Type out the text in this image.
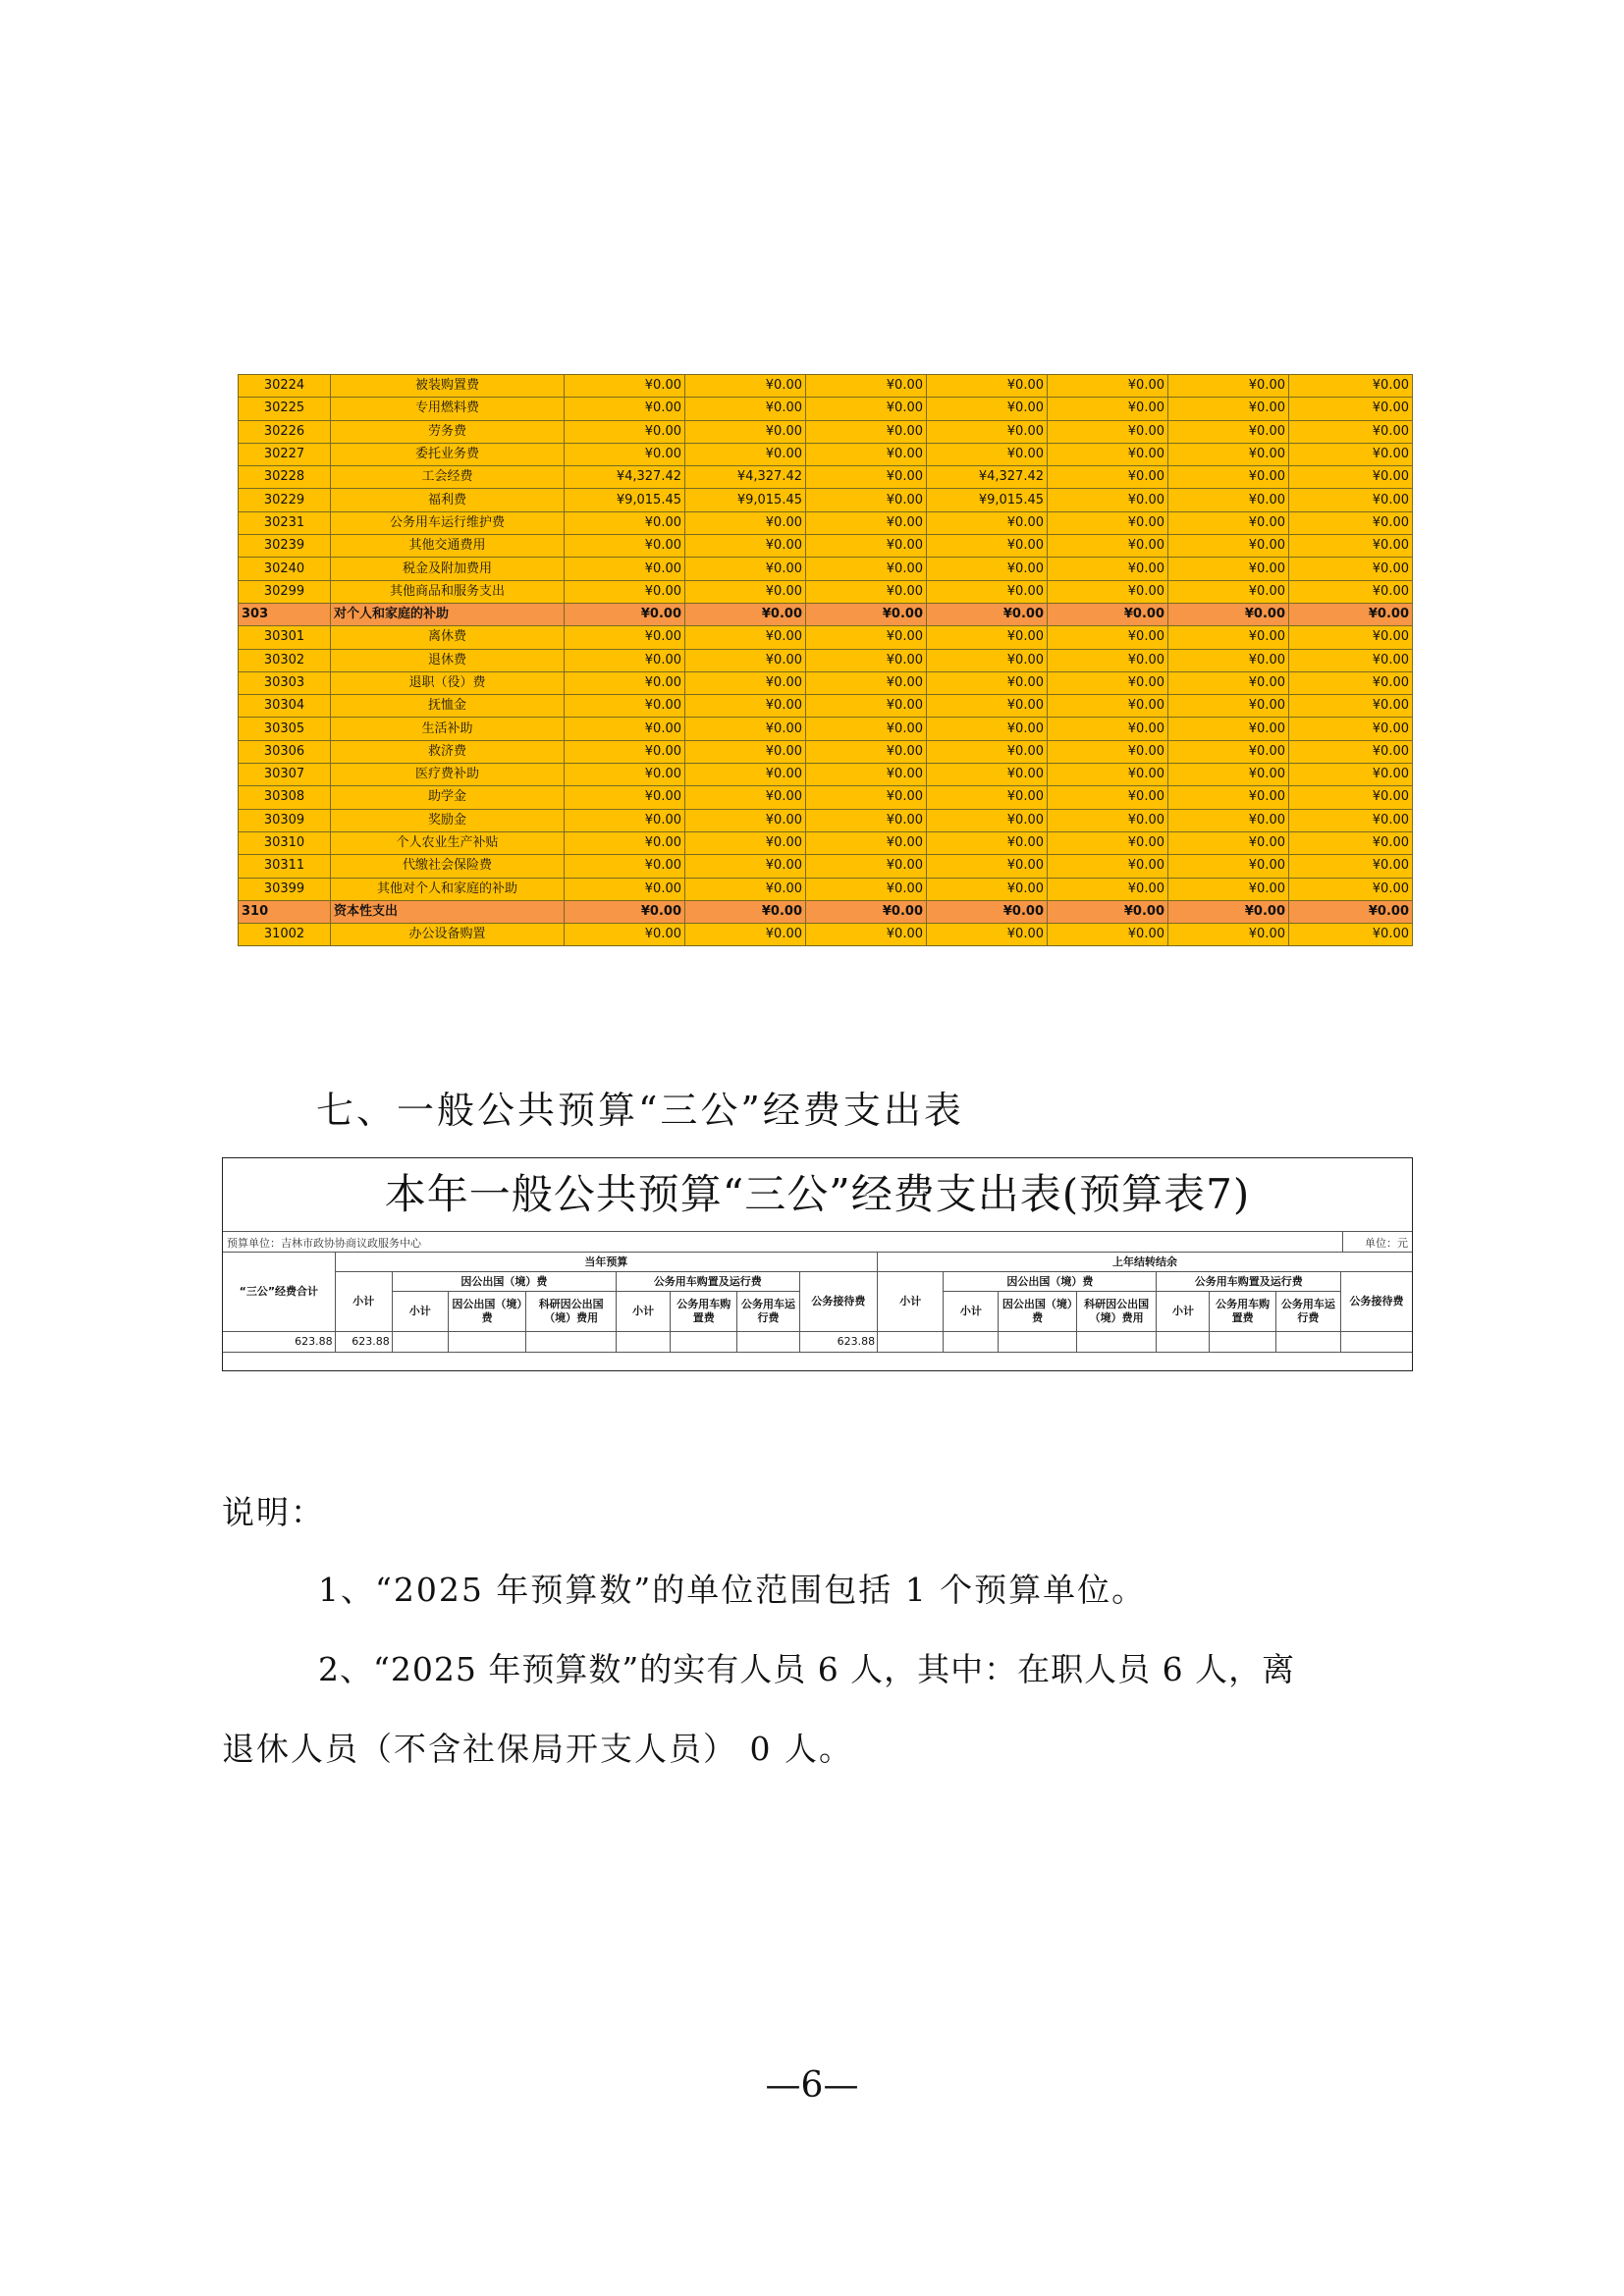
30224	被装购置费	¥0.00	¥0.00	¥0.00	¥0.00	¥0.00	¥0.00	¥0.00
30225	专用燃料费	¥0.00	¥0.00	¥0.00	¥0.00	¥0.00	¥0.00	¥0.00
30226	劳务费	¥0.00	¥0.00	¥0.00	¥0.00	¥0.00	¥0.00	¥0.00
30227	委托业务费	¥0.00	¥0.00	¥0.00	¥0.00	¥0.00	¥0.00	¥0.00
30228	工会经费	¥4,327.42	¥4,327.42	¥0.00	¥4,327.42	¥0.00	¥0.00	¥0.00
30229	福利费	¥9,015.45	¥9,015.45	¥0.00	¥9,015.45	¥0.00	¥0.00	¥0.00
30231	公务用车运行维护费	¥0.00	¥0.00	¥0.00	¥0.00	¥0.00	¥0.00	¥0.00
30239	其他交通费用	¥0.00	¥0.00	¥0.00	¥0.00	¥0.00	¥0.00	¥0.00
30240	税金及附加费用	¥0.00	¥0.00	¥0.00	¥0.00	¥0.00	¥0.00	¥0.00
30299	其他商品和服务支出	¥0.00	¥0.00	¥0.00	¥0.00	¥0.00	¥0.00	¥0.00
303	对个人和家庭的补助	¥0.00	¥0.00	¥0.00	¥0.00	¥0.00	¥0.00	¥0.00
30301	离休费	¥0.00	¥0.00	¥0.00	¥0.00	¥0.00	¥0.00	¥0.00
30302	退休费	¥0.00	¥0.00	¥0.00	¥0.00	¥0.00	¥0.00	¥0.00
30303	退职（役）费	¥0.00	¥0.00	¥0.00	¥0.00	¥0.00	¥0.00	¥0.00
30304	抚恤金	¥0.00	¥0.00	¥0.00	¥0.00	¥0.00	¥0.00	¥0.00
30305	生活补助	¥0.00	¥0.00	¥0.00	¥0.00	¥0.00	¥0.00	¥0.00
30306	救济费	¥0.00	¥0.00	¥0.00	¥0.00	¥0.00	¥0.00	¥0.00
30307	医疗费补助	¥0.00	¥0.00	¥0.00	¥0.00	¥0.00	¥0.00	¥0.00
30308	助学金	¥0.00	¥0.00	¥0.00	¥0.00	¥0.00	¥0.00	¥0.00
30309	奖励金	¥0.00	¥0.00	¥0.00	¥0.00	¥0.00	¥0.00	¥0.00
30310	个人农业生产补贴	¥0.00	¥0.00	¥0.00	¥0.00	¥0.00	¥0.00	¥0.00
30311	代缴社会保险费	¥0.00	¥0.00	¥0.00	¥0.00	¥0.00	¥0.00	¥0.00
30399	其他对个人和家庭的补助	¥0.00	¥0.00	¥0.00	¥0.00	¥0.00	¥0.00	¥0.00
310	资本性支出	¥0.00	¥0.00	¥0.00	¥0.00	¥0.00	¥0.00	¥0.00
31002	办公设备购置	¥0.00	¥0.00	¥0.00	¥0.00	¥0.00	¥0.00	¥0.00
七、一般公共预算“三公”经费支出表
本年一般公共预算“三公”经费支出表(预算表7)
预算单位：吉林市政协协商议政服务中心	单位：元
“三公”经费合计	当年预算								上年结转结余							
	小计	因公出国（境）费			公务用车购置及运行费			公务接待费	小计	因公出国（境）费			公务用车购置及运行费			公务接待费
		小计	因公出国（境）费	科研因公出国（境）费用	小计	公务用车购置费	公务用车运行费			小计	因公出国（境）费	科研因公出国（境）费用	小计	公务用车购置费	公务用车运行费	
623.88	623.88							623.88								
说明：
1、“2025 年预算数”的单位范围包括 1 个预算单位。
2、“2025 年预算数”的实有人员 6 人，其中：在职人员 6 人，离
退休人员（不含社保局开支人员） 0 人。
—6—
